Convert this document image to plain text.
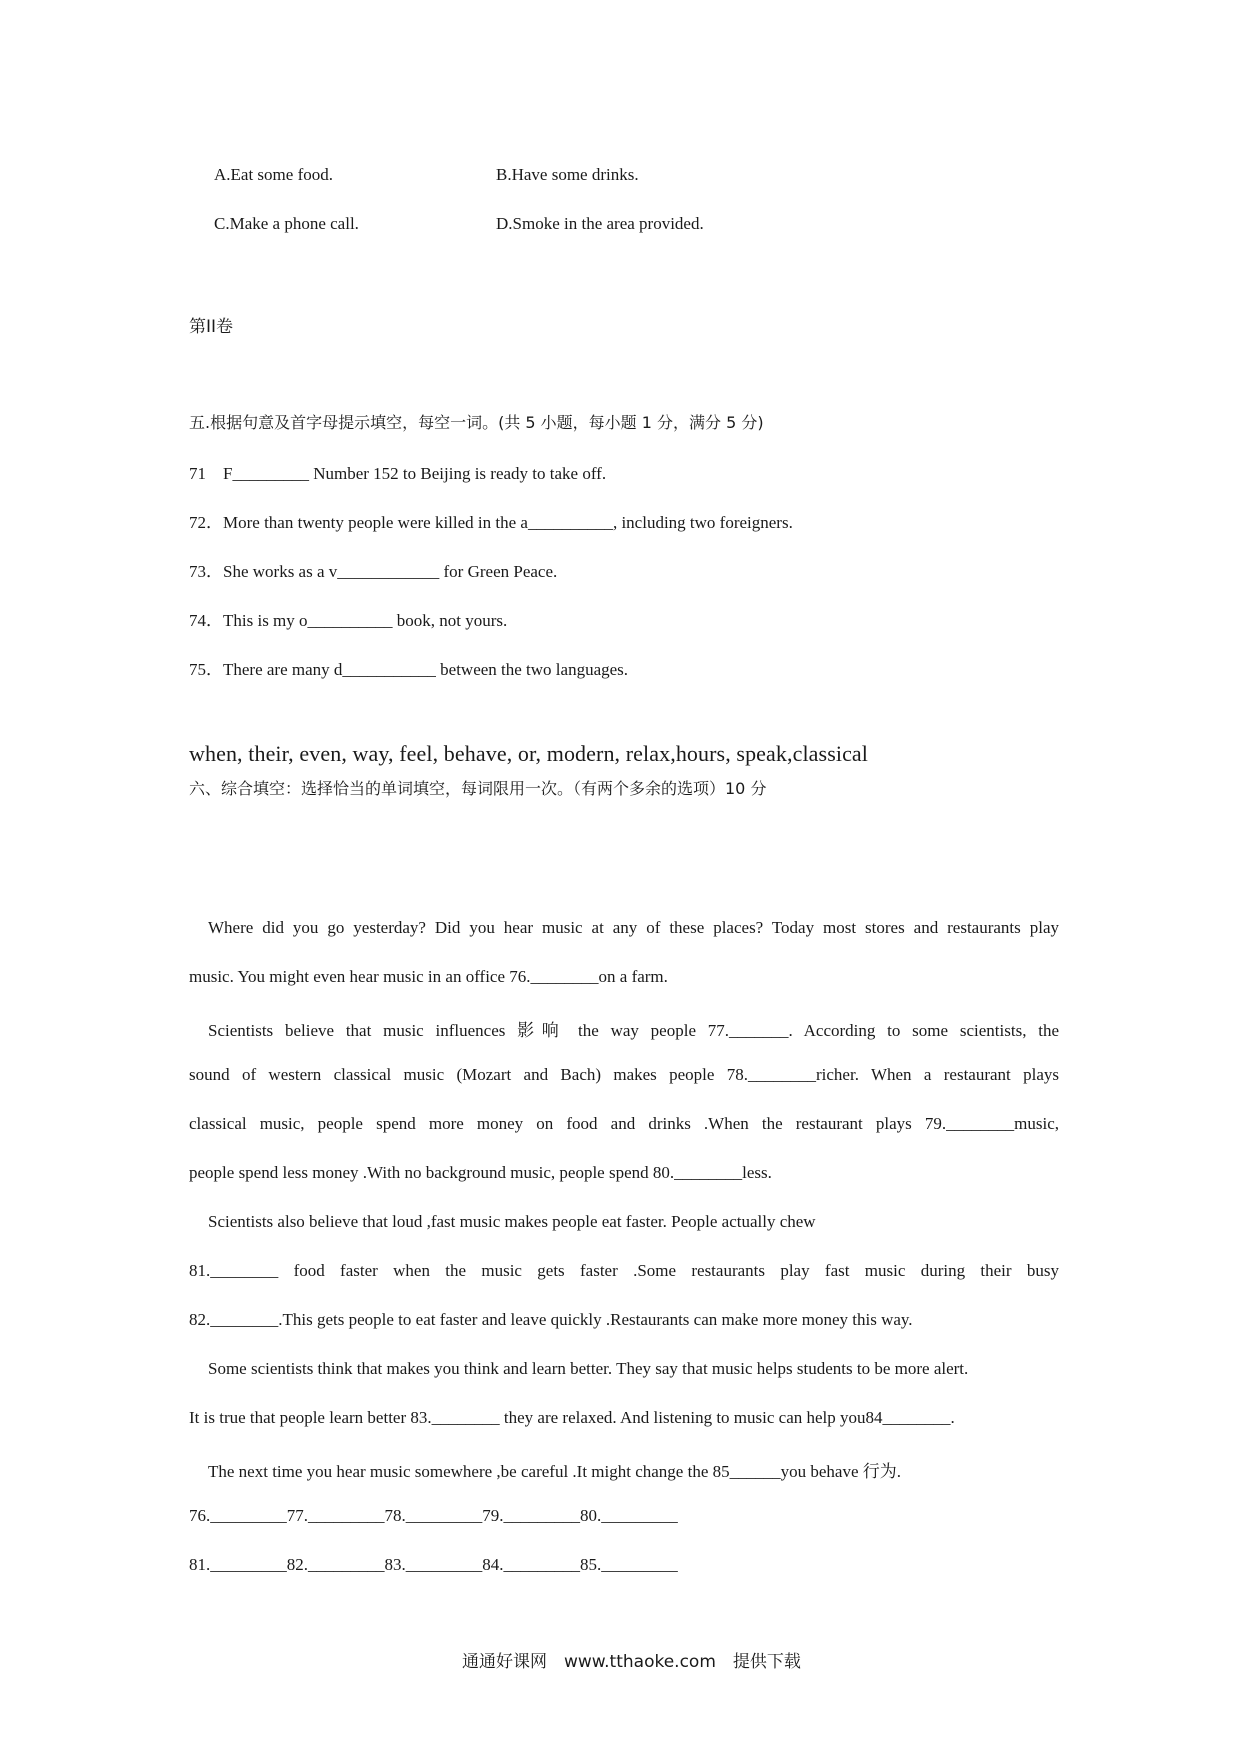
A.Eat some food.	B.Have some drinks.
C.Make a phone call.	D.Smoke in the area provided.
第II卷
五.根据句意及首字母提示填空，每空一词。(共 5 小题，每小题 1 分，满分 5 分)
71　F_________ Number 152 to Beijing is ready to take off.
72．More than twenty people were killed in the a__________, including two foreigners.
73．She works as a v____________ for Green Peace.
74．This is my o__________ book, not yours.
75．There are many d___________ between the two languages.
when, their, even, way, feel, behave, or, modern, relax,hours, speak,classical
六、综合填空：选择恰当的单词填空，每词限用一次。（有两个多余的选项）10 分
Where did you go yesterday? Did you hear music at any of these places? Today most stores and restaurants play
music. You might even hear music in an office 76.________on a farm.
Scientists believe that music influences 影响 the way people 77._______. According to some scientists, the
sound of western classical music (Mozart and Bach) makes people 78.________richer. When a restaurant plays
classical music, people spend more money on food and drinks .When the restaurant plays 79.________music,
people spend less money .With no background music, people spend 80.________less.
Scientists also believe that loud ,fast music makes people eat faster. People actually chew
81.________ food faster when the music gets faster .Some restaurants play fast music during their busy
82.________.This gets people to eat faster and leave quickly .Restaurants can make more money this way.
Some scientists think that makes you think and learn better. They say that music helps students to be more alert.
It is true that people learn better 83.________ they are relaxed. And listening to music can help you84________.
The next time you hear music somewhere ,be careful .It might change the 85______you behave 行为.
76._________77._________78._________79._________80._________
81._________82._________83._________84._________85._________
通通好课网　www.tthaoke.com　提供下载
